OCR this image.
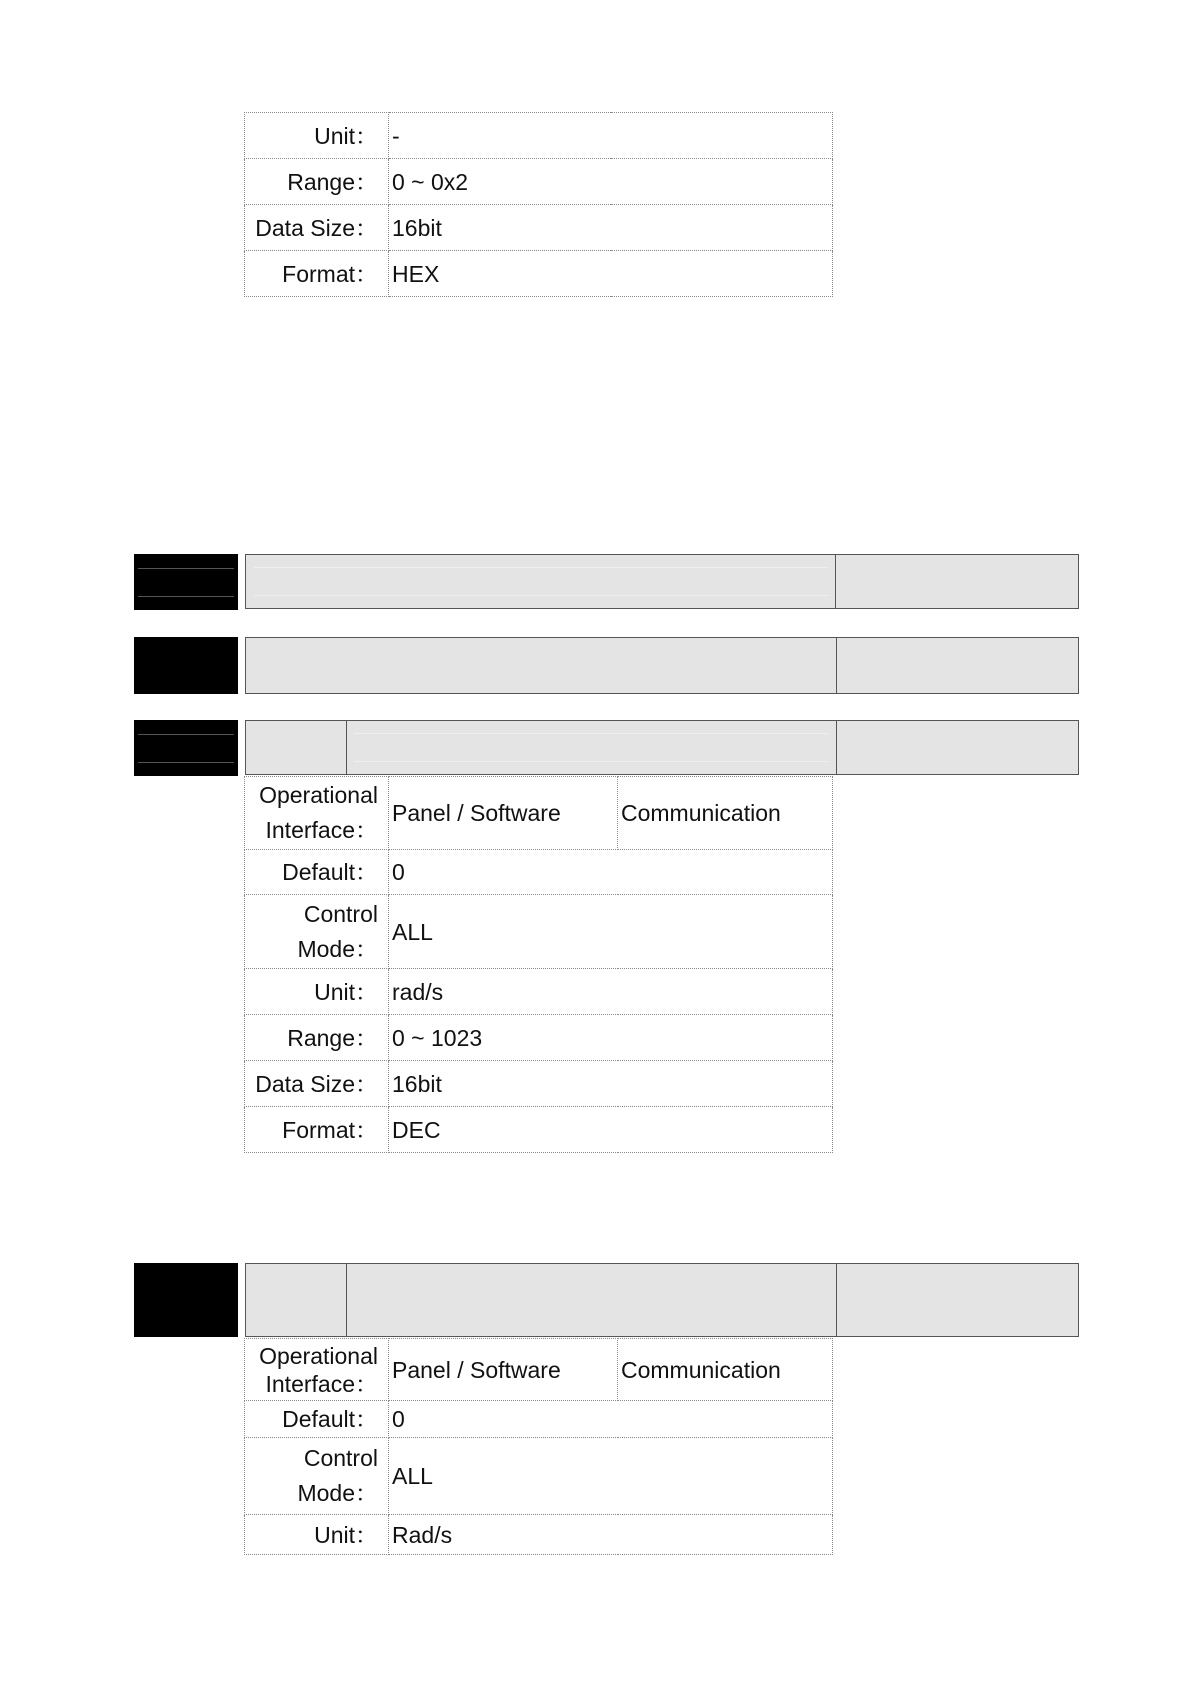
Unit：	-
Range：	0 ~ 0x2
Data Size：	16bit
Format：	HEX
Operational
Interface：	Panel / Software	Communication
Default：	0	
Control
Mode：	ALL	
Unit：	rad/s	
Range：	0 ~ 1023	
Data Size：	16bit	
Format：	DEC	
Operational
Interface：	Panel / Software	Communication
Default：	0	
Control
Mode：	ALL	
Unit：	Rad/s	
